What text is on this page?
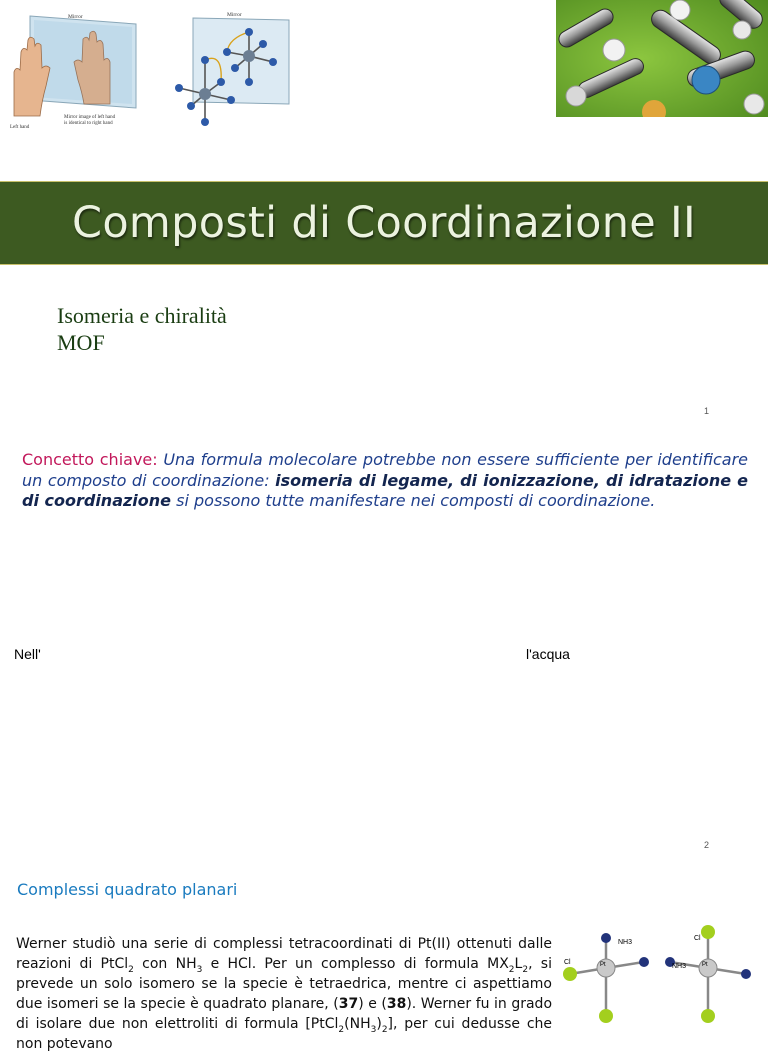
Mirror
Left hand
Mirror image of left hand
is identical to right hand
Mirror
Composti di Coordinazione II
Isomeria e chiralità
MOF
1
Concetto chiave: Una formula molecolare potrebbe non essere sufficiente per identificare un composto di coordinazione: isomeria di legame, di ionizzazione, di idratazione e di coordinazione si possono tutte manifestare nei composti di coordinazione.
Nell'	l'acqua
2
Complessi quadrato planari
Werner studiò una serie di complessi tetracoordinati di Pt(II) ottenuti dalle reazioni di PtCl$_2$ con $NH_3$ e HCl. Per un complesso di formula $MX_2L_2$, si prevede un solo isomero se la specie è tetraedrica, mentre ci aspettiamo due isomeri se la specie è quadrato planare, (37) e (38). Werner fu in grado di isolare due non elettroliti di formula $[PtCl_2(NH_3)_2]$, per cui dedusse che non potevano
NH3
Cl	Pt
Cl
NH3	Pt
